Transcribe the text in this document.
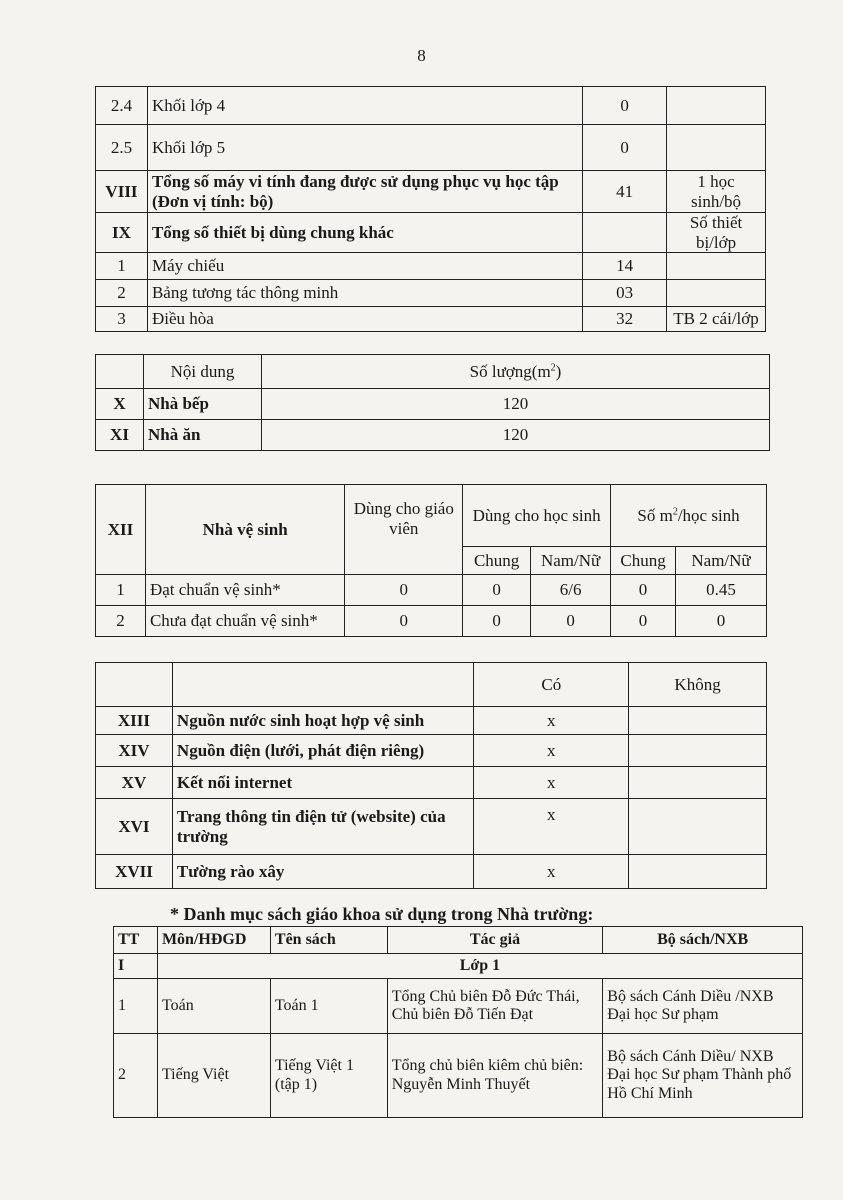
8
2.4	Khối lớp 4	0	
2.5	Khối lớp 5	0	
VIII	Tổng số máy vi tính đang được sử dụng phục vụ học tập (Đơn vị tính: bộ)	41	1 học sinh/bộ
IX	Tổng số thiết bị dùng chung khác		Số thiết bị/lớp
1	Máy chiếu	14	
2	Bảng tương tác thông minh	03	
3	Điều hòa	32	TB 2 cái/lớp
	Nội dung	Số $lượng(m^2)$
X	Nhà bếp	120
XI	Nhà ăn	120
XII	Nhà vệ sinh	Dùng cho giáo viên	Dùng cho học sinh		Số $m^2$/học sinh	
			Chung	Nam/Nữ	Chung	Nam/Nữ
1	Đạt chuẩn vệ sinh*	0	0	6/6	0	0.45
2	Chưa đạt chuẩn vệ sinh*	0	0	0	0	0
		Có	Không
XIII	Nguồn nước sinh hoạt hợp vệ sinh	x	
XIV	Nguồn điện (lưới, phát điện riêng)	x	
XV	Kết nối internet	x	
XVI	Trang thông tin điện tử (website) của trường	x	
XVII	Tường rào xây	x	
* Danh mục sách giáo khoa sử dụng trong Nhà trường:
TT	Môn/HĐGD	Tên sách	Tác giả	Bộ sách/NXB
I	Lớp 1			
1	Toán	Toán 1	Tổng Chủ biên Đỗ Đức Thái, Chủ biên Đỗ Tiến Đạt	Bộ sách Cánh Diều /NXB Đại học Sư phạm
2	Tiếng Việt	Tiếng Việt 1 (tập 1)	Tổng chủ biên kiêm chủ biên: Nguyễn Minh Thuyết	Bộ sách Cánh Diều/ NXB Đại học Sư phạm Thành phố Hồ Chí Minh
